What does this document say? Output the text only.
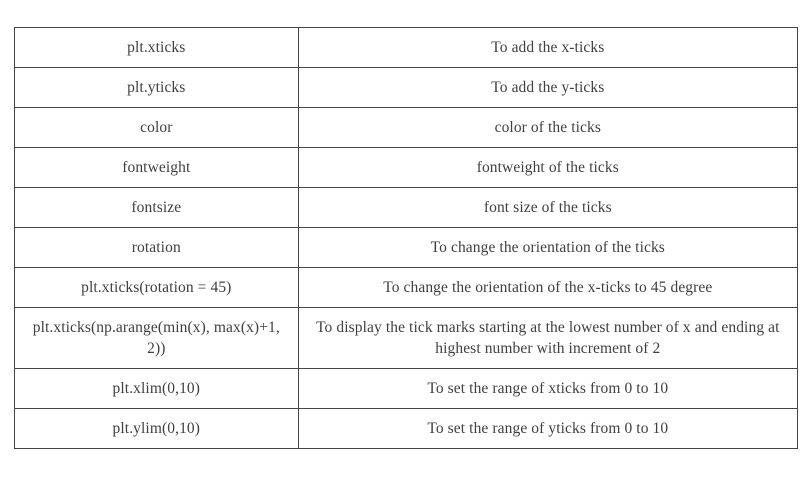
plt.xticks	To add the x-ticks
plt.yticks	To add the y-ticks
color	color of the ticks
fontweight	fontweight of the ticks
fontsize	font size of the ticks
rotation	To change the orientation of the ticks
plt.xticks(rotation = 45)	To change the orientation of the x-ticks to 45 degree
plt.xticks(np.arange(min(x), max(x)+1, 2))	To display the tick marks starting at the lowest number of x and ending at highest number with increment of 2
plt.xlim(0,10)	To set the range of xticks from 0 to 10
plt.ylim(0,10)	To set the range of yticks from 0 to 10
